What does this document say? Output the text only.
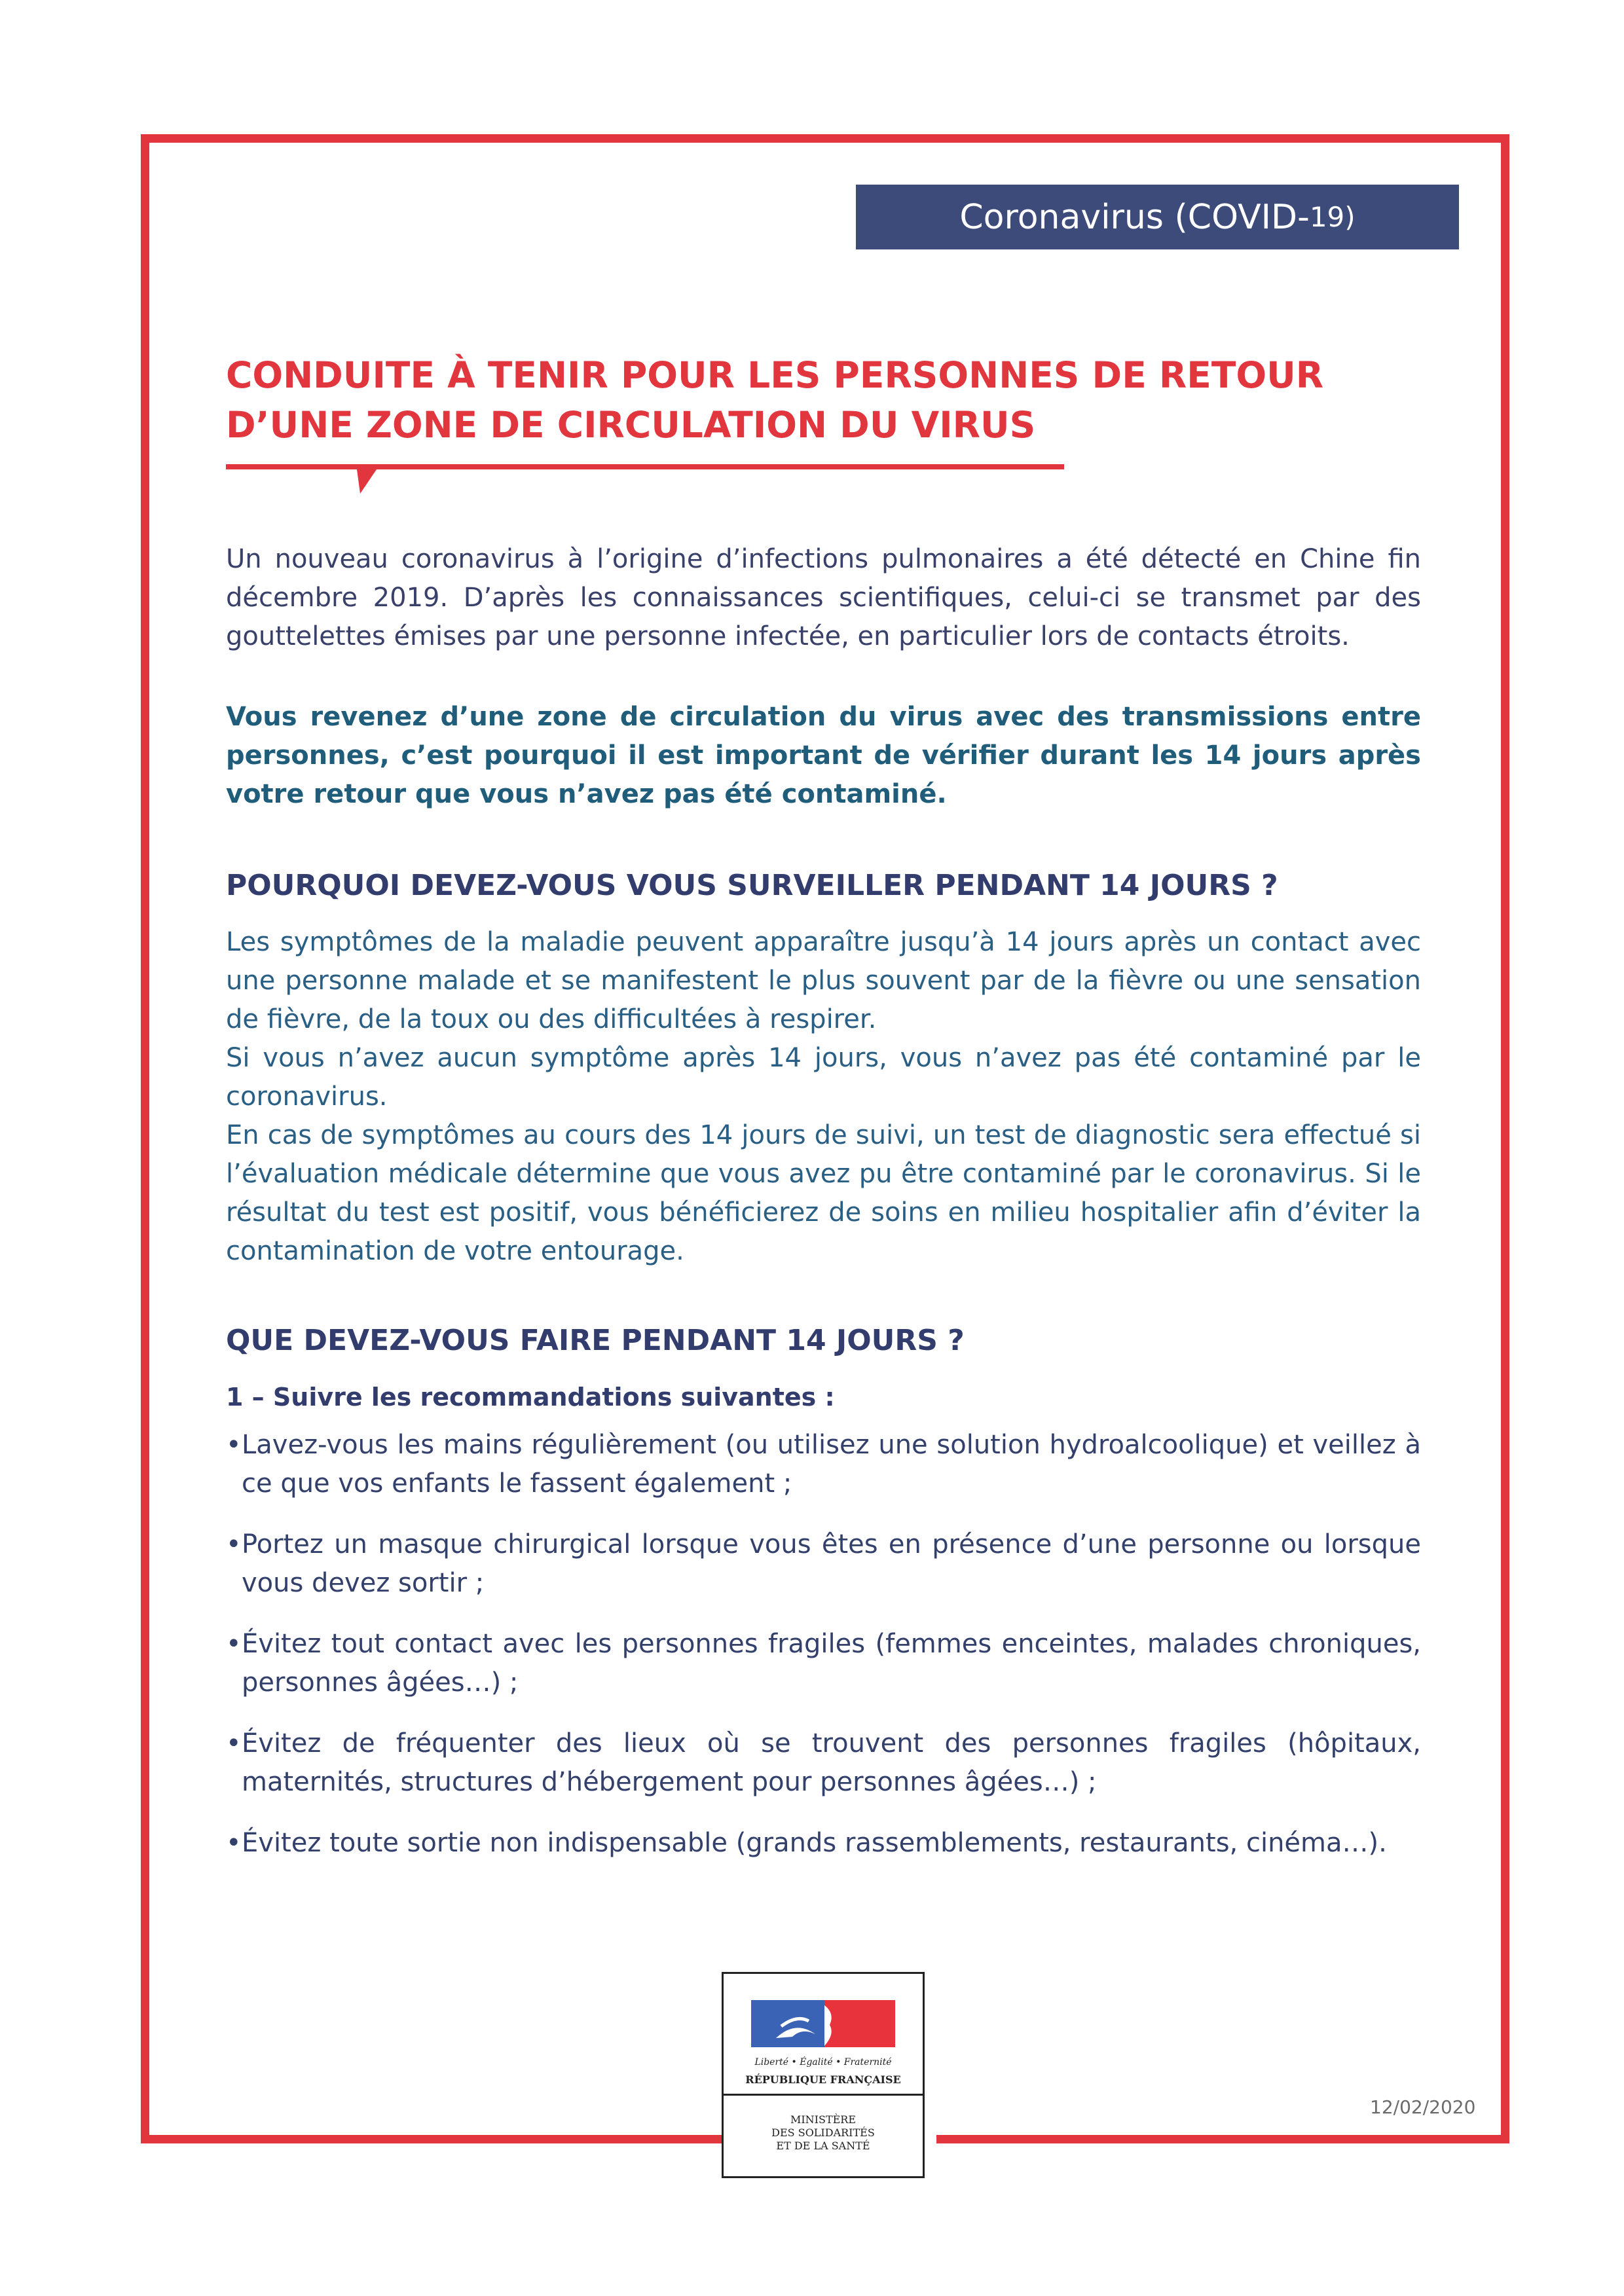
Coronavirus (COVID- 19)
CONDUITE À TENIR POUR LES PERSONNES DE RETOUR
D’UNE ZONE DE CIRCULATION DU VIRUS
Un nouveau coronavirus à l’origine d’infections pulmonaires a été détecté en Chine fin décembre 2019. D’après les connaissances scientifiques, celui-ci se transmet par des gouttelettes émises par une personne infectée, en particulier lors de contacts étroits.
Vous revenez d’une zone de circulation du virus avec des transmissions entre personnes, c’est pourquoi il est important de vérifier durant les 14 jours après votre retour que vous n’avez pas été contaminé.
POURQUOI DEVEZ-VOUS VOUS SURVEILLER PENDANT 14 JOURS ?

Les symptômes de la maladie peuvent apparaître jusqu’à 14 jours après un contact avec une personne malade et se manifestent le plus souvent par de la fièvre ou une sensation de fièvre, de la toux ou des difficultées à respirer.

Si vous n’avez aucun symptôme après 14 jours, vous n’avez pas été contaminé par le coronavirus.

En cas de symptômes au cours des 14 jours de suivi, un test de diagnostic sera effectué si l’évaluation médicale détermine que vous avez pu être contaminé par le coronavirus. Si le résultat du test est positif, vous bénéficierez de soins en milieu hospitalier afin d’éviter la contamination de votre entourage.

QUE DEVEZ-VOUS FAIRE PENDANT 14 JOURS ?
1 – Suivre les recommandations suivantes :
• Lavez-vous les mains régulièrement (ou utilisez une solution hydroalcoolique) et veillez à ce que vos enfants le fassent également ;
• Portez un masque chirurgical lorsque vous êtes en présence d’une personne ou lorsque vous devez sortir ;
• Évitez tout contact avec les personnes fragiles (femmes enceintes, malades chroniques, personnes âgées…) ;
• Évitez de fréquenter des lieux où se trouvent des personnes fragiles (hôpitaux, maternités, structures d’hébergement pour personnes âgées…) ;
• Évitez toute sortie non indispensable (grands rassemblements, restaurants, cinéma…).
Liberté • Égalité • Fraternité
RÉPUBLIQUE FRANÇAISE
MINISTÈRE
DES SOLIDARITÉS
ET DE LA SANTÉ
12/02/2020
